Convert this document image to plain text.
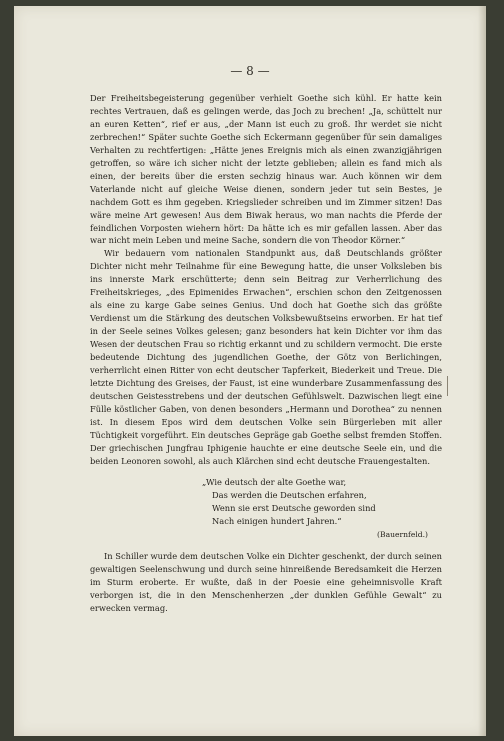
— 8 —

Der Freiheitsbegeisterung gegenüber verhielt Goethe sich kühl. Er hatte kein rechtes Vertrauen, daß es gelingen werde, das Joch zu brechen! „Ja, schüttelt nur an euren Ketten“, rief er aus, „der Mann ist euch zu groß. Ihr werdet sie nicht zerbrechen!“ Später suchte Goethe sich Eckermann gegenüber für sein damaliges Verhalten zu rechtfertigen: „Hätte jenes Ereignis mich als einen zwanzigjährigen getroffen, so wäre ich sicher nicht der letzte geblieben; allein es fand mich als einen, der bereits über die ersten sechzig hinaus war. Auch können wir dem Vaterlande nicht auf gleiche Weise dienen, sondern jeder tut sein Bestes, je nachdem Gott es ihm gegeben. Kriegslieder schreiben und im Zimmer sitzen! Das wäre meine Art gewesen! Aus dem Biwak heraus, wo man nachts die Pferde der feindlichen Vorposten wiehern hört: Da hätte ich es mir gefallen lassen. Aber das war nicht mein Leben und meine Sache, sondern die von Theodor Körner.“

Wir bedauern vom nationalen Standpunkt aus, daß Deutschlands größter Dichter nicht mehr Teilnahme für eine Bewegung hatte, die unser Volksleben bis ins innerste Mark erschütterte; denn sein Beitrag zur Verherrlichung des Freiheitskrieges, „des Epimenides Erwachen“, erschien schon den Zeitgenossen als eine zu karge Gabe seines Genius. Und doch hat Goethe sich das größte Verdienst um die Stärkung des deutschen Volksbewußtseins erworben. Er hat tief in der Seele seines Volkes gelesen; ganz besonders hat kein Dichter vor ihm das Wesen der deutschen Frau so richtig erkannt und zu schildern vermocht. Die erste bedeutende Dichtung des jugendlichen Goethe, der Götz von Berlichingen, verherrlicht einen Ritter von echt deutscher Tapferkeit, Biederkeit und Treue. Die letzte Dichtung des Greises, der Faust, ist eine wunderbare Zusammenfassung des deutschen Geistesstrebens und der deutschen Gefühlswelt. Dazwischen liegt eine Fülle köstlicher Gaben, von denen besonders „Hermann und Dorothea“ zu nennen ist. In diesem Epos wird dem deutschen Volke sein Bürgerleben mit aller Tüchtigkeit vorgeführt. Ein deutsches Gepräge gab Goethe selbst fremden Stoffen. Der griechischen Jungfrau Iphigenie hauchte er eine deutsche Seele ein, und die beiden Leonoren sowohl, als auch Klärchen sind echt deutsche Frauengestalten.

„Wie deutsch der alte Goethe war,
Das werden die Deutschen erfahren,
Wenn sie erst Deutsche geworden sind
Nach einigen hundert Jahren.“
(Bauernfeld.)

In Schiller wurde dem deutschen Volke ein Dichter geschenkt, der durch seinen gewaltigen Seelenschwung und durch seine hinreißende Beredsamkeit die Herzen im Sturm eroberte. Er wußte, daß in der Poesie eine geheimnisvolle Kraft verborgen ist, die in den Menschenherzen „der dunklen Gefühle Gewalt“ zu erwecken vermag.
